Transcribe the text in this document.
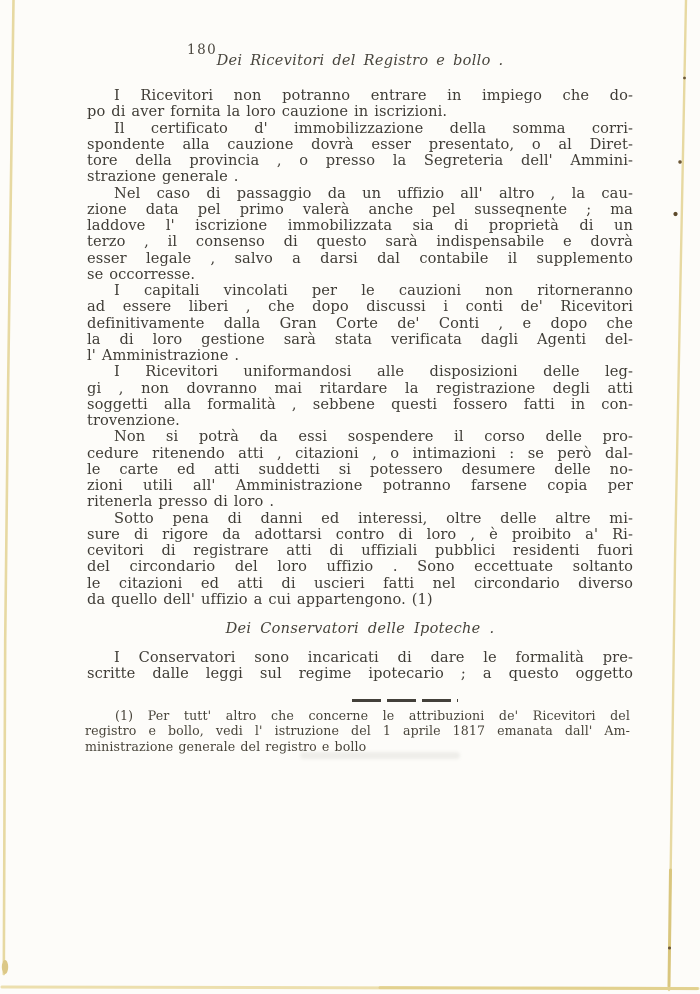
180
Dei Ricevitori del Registro e bollo .
I Ricevitori non potranno entrare in impiego che do-
po di aver fornita la loro cauzione in iscrizioni.
Il certificato d' immobilizzazione della somma corri-
spondente alla cauzione dovrà esser presentato, o al Diret-
tore della provincia , o presso la Segreteria dell' Ammini-
strazione generale .
Nel caso di passaggio da un uffizio all' altro , la cau-
zione data pel primo valerà anche pel susseqnente ; ma
laddove l' iscrizione immobilizzata sia di proprietà di un
terzo , il consenso di questo sarà indispensabile e dovrà
esser legale , salvo a darsi dal contabile il supplemento
se occorresse.
I capitali vincolati per le cauzioni non ritorneranno
ad essere liberi , che dopo discussi i conti de' Ricevitori
definitivamente dalla Gran Corte de' Conti , e dopo che
la di loro gestione sarà stata verificata dagli Agenti del-
l' Amministrazione .
I Ricevitori uniformandosi alle disposizioni delle leg-
gi , non dovranno mai ritardare la registrazione degli atti
soggetti alla formalità , sebbene questi fossero fatti in con-
trovenzione.
Non si potrà da essi sospendere il corso delle pro-
cedure ritenendo atti , citazioni , o intimazioni : se però dal-
le carte ed atti suddetti si potessero desumere delle no-
zioni utili all' Amministrazione potranno farsene copia per
ritenerla presso di loro .
Sotto pena di danni ed interessi, oltre delle altre mi-
sure di rigore da adottarsi contro di loro , è proibito a' Ri-
cevitori di registrare atti di uffiziali pubblici residenti fuori
del circondario del loro uffizio . Sono eccettuate soltanto
le citazioni ed atti di uscieri fatti nel circondario diverso
da quello dell' uffizio a cui appartengono. (1)
Dei Conservatori delle Ipoteche .
I Conservatori sono incaricati di dare le formalità pre-
scritte dalle leggi sul regime ipotecario ; a questo oggetto
(1) Per tutt' altro che concerne le attribuzioni de' Ricevitori del
registro e bollo, vedi l' istruzione del 1 aprile 1817 emanata dall' Am-
ministrazione generale del registro e bollo
